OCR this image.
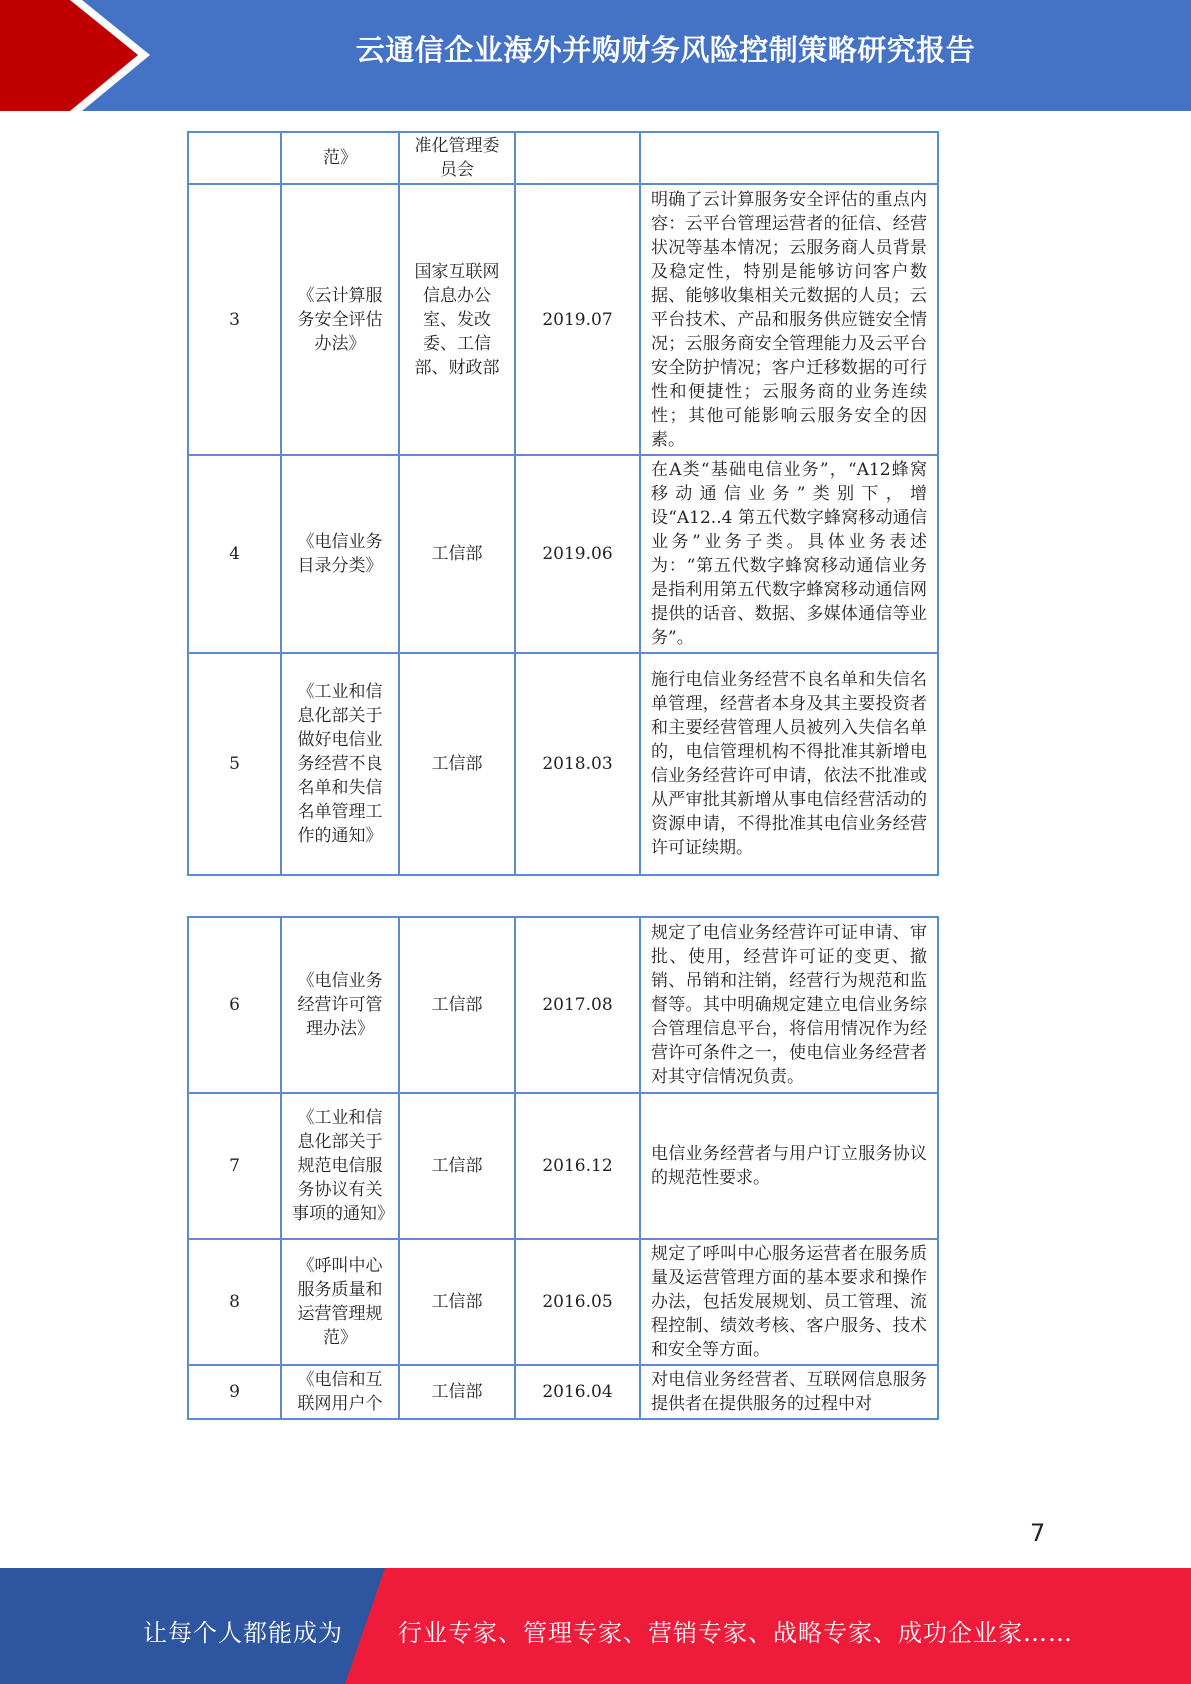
云通信企业海外并购财务风险控制策略研究报告
	范》	准化管理委员会		
3	《云计算服务安全评估办法》	国家互联网信息办公室、发改委、工信部、财政部	2019.07	明确了云计算服务安全评估的重点内容：云平台管理运营者的征信、经营状况等基本情况；云服务商人员背景及稳定性，特别是能够访问客户数据、能够收集相关元数据的人员；云平台技术、产品和服务供应链安全情况；云服务商安全管理能力及云平台安全防护情况；客户迁移数据的可行性和便捷性；云服务商的业务连续性；其他可能影响云服务安全的因素。
4	《电信业务目录分类》	工信部	2019.06	在A类“基础电信业务”，“A12蜂窝移动通信业务”类别下，增设“A12..4 第五代数字蜂窝移动通信业务”业务子类。具体业务表述为：“第五代数字蜂窝移动通信业务是指利用第五代数字蜂窝移动通信网提供的话音、数据、多媒体通信等业务”。
5	《工业和信息化部关于做好电信业务经营不良名单和失信名单管理工作的通知》	工信部	2018.03	施行电信业务经营不良名单和失信名单管理，经营者本身及其主要投资者和主要经营管理人员被列入失信名单的，电信管理机构不得批准其新增电信业务经营许可申请，依法不批准或从严审批其新增从事电信经营活动的资源申请，不得批准其电信业务经营许可证续期。
6	《电信业务经营许可管理办法》	工信部	2017.08	规定了电信业务经营许可证申请、审批、使用，经营许可证的变更、撤销、吊销和注销，经营行为规范和监督等。其中明确规定建立电信业务综合管理信息平台，将信用情况作为经营许可条件之一，使电信业务经营者对其守信情况负责。
7	《工业和信息化部关于规范电信服务协议有关事项的通知》	工信部	2016.12	电信业务经营者与用户订立服务协议的规范性要求。
8	《呼叫中心服务质量和运营管理规范》	工信部	2016.05	规定了呼叫中心服务运营者在服务质量及运营管理方面的基本要求和操作办法，包括发展规划、员工管理、流程控制、绩效考核、客户服务、技术和安全等方面。
9	《电信和互联网用户个	工信部	2016.04	对电信业务经营者、互联网信息服务提供者在提供服务的过程中对
7
让每个人都能成为 行业专家、管理专家、营销专家、战略专家、成功企业家……
